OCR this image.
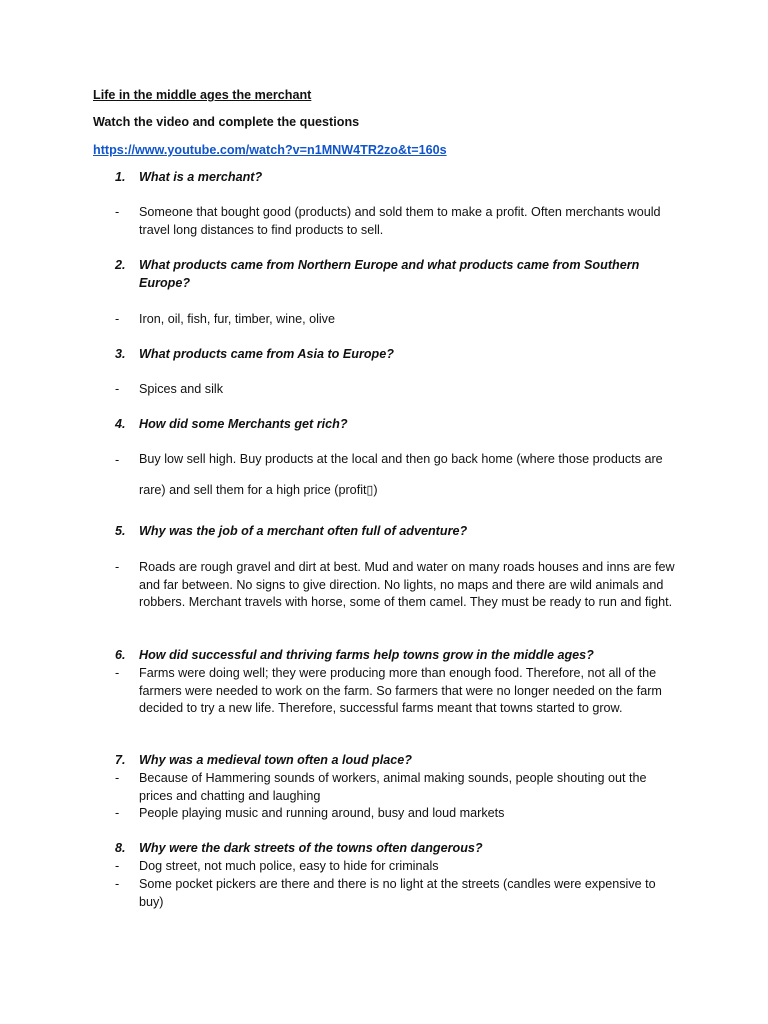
Life in the middle ages the merchant
Watch the video and complete the questions
https://www.youtube.com/watch?v=n1MNW4TR2zo&t=160s
1. What is a merchant?
- Someone that bought good (products) and sold them to make a profit. Often merchants would travel long distances to find products to sell.
2. What products came from Northern Europe and what products came from Southern Europe?
- Iron, oil, fish, fur, timber, wine, olive
3. What products came from Asia to Europe?
- Spices and silk
4. How did some Merchants get rich?
- Buy low sell high. Buy products at the local and then go back home (where those products are rare) and sell them for a high price (profit▯)
5. Why was the job of a merchant often full of adventure?
- Roads are rough gravel and dirt at best. Mud and water on many roads houses and inns are few and far between. No signs to give direction. No lights, no maps and there are wild animals and robbers. Merchant travels with horse, some of them camel. They must be ready to run and fight.
6. How did successful and thriving farms help towns grow in the middle ages?
- Farms were doing well; they were producing more than enough food. Therefore, not all of the farmers were needed to work on the farm. So farmers that were no longer needed on the farm decided to try a new life. Therefore, successful farms meant that towns started to grow.
7. Why was a medieval town often a loud place?
- Because of Hammering sounds of workers, animal making sounds, people shouting out the prices and chatting and laughing
- People playing music and running around, busy and loud markets
8. Why were the dark streets of the towns often dangerous?
- Dog street, not much police, easy to hide for criminals
- Some pocket pickers are there and there is no light at the streets (candles were expensive to buy)
